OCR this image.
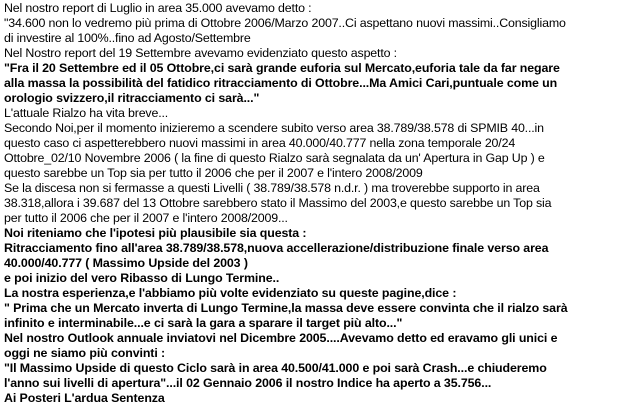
Nel nostro report di Luglio in area 35.000 avevamo detto :
"34.600 non lo vedremo più prima di Ottobre 2006/Marzo 2007..Ci aspettano nuovi massimi..Consigliamo
di investire al 100%..fino ad Agosto/Settembre
Nel Nostro report del 19 Settembre avevamo evidenziato questo aspetto :
"Fra il 20 Settembre ed il 05 Ottobre,ci sarà grande euforia sul Mercato,euforia tale da far negare
alla massa la possibilità del fatidico ritracciamento di Ottobre...Ma Amici Cari,puntuale come un
orologio svizzero,il ritracciamento ci sarà..."
L'attuale Rialzo ha vita breve...
Secondo Noi,per il momento inizieremo a scendere subito verso area 38.789/38.578 di SPMIB 40...in
questo caso ci aspetterebbero nuovi massimi in area 40.000/40.777 nella zona temporale 20/24
Ottobre_02/10 Novembre 2006 ( la fine di questo Rialzo sarà segnalata da un' Apertura in Gap Up ) e
questo sarebbe un Top sia per tutto il 2006 che per il 2007 e l'intero 2008/2009
Se la discesa non si fermasse a questi Livelli ( 38.789/38.578 n.d.r. ) ma troverebbe supporto in area
38.318,allora i 39.687 del 13 Ottobre sarebbero stato il Massimo del 2003,e questo sarebbe un Top sia
per tutto il 2006 che per il 2007 e l'intero 2008/2009...
Noi riteniamo che l'ipotesi più plausibile sia questa :
Ritracciamento fino all'area 38.789/38.578,nuova accellerazione/distribuzione finale verso area
40.000/40.777 ( Massimo Upside del 2003 )
e poi inizio del vero Ribasso di Lungo Termine..
La nostra esperienza,e l'abbiamo più volte evidenziato su queste pagine,dice :
" Prima che un Mercato inverta di Lungo Termine,la massa deve essere convinta che il rialzo sarà
infinito e interminabile...e ci sarà la gara a sparare il target più alto..."
Nel nostro Outlook annuale inviatovi nel Dicembre 2005....Avevamo detto ed eravamo gli unici e
oggi ne siamo più convinti :
"Il Massimo Upside di questo Ciclo sarà in area 40.500/41.000 e poi sarà Crash...e chiuderemo
l'anno sui livelli di apertura"...il 02 Gennaio 2006 il nostro Indice ha aperto a 35.756...
Ai Posteri L'ardua Sentenza
